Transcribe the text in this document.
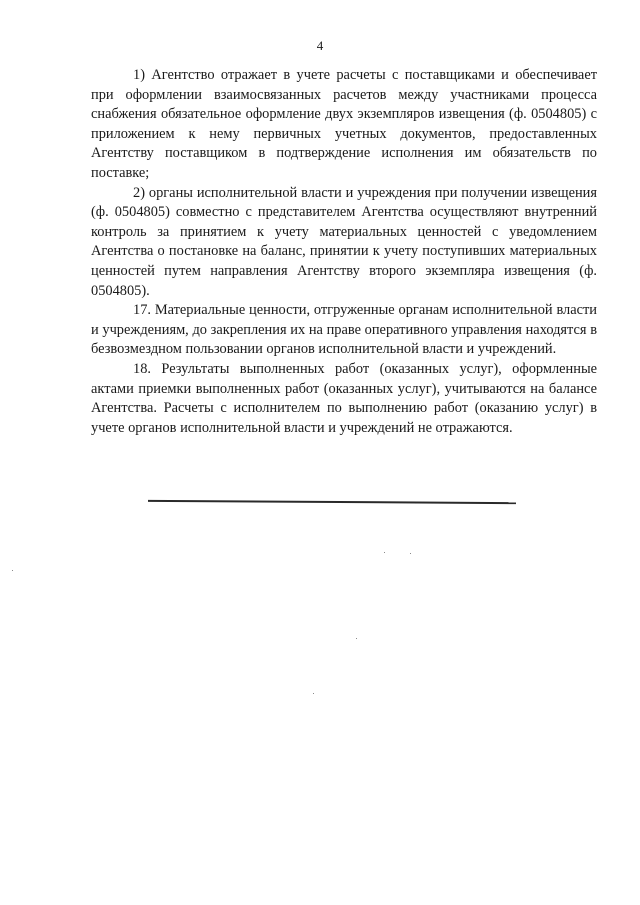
4

1) Агентство отражает в учете расчеты с поставщиками и обеспечивает при оформлении взаимосвязанных расчетов между участниками процесса снабжения обязательное оформление двух экземпляров извещения (ф. 0504805) с приложением к нему первичных учетных документов, предоставленных Агентству поставщиком в подтверждение исполнения им обязательств по поставке;

2) органы исполнительной власти и учреждения при получении извещения (ф. 0504805) совместно с представителем Агентства осуществляют внутренний контроль за принятием к учету материальных ценностей с уведомлением Агентства о постановке на баланс, принятии к учету поступивших материальных ценностей путем направления Агентству второго экземпляра извещения (ф. 0504805).

17. Материальные ценности, отгруженные органам исполнительной власти и учреждениям, до закрепления их на праве оперативного управления находятся в безвозмездном пользовании органов исполнительной власти и учреждений.

18. Результаты выполненных работ (оказанных услуг), оформленные актами приемки выполненных работ (оказанных услуг), учитываются на балансе Агентства. Расчеты с исполнителем по выполнению работ (оказанию услуг) в учете органов исполнительной власти и учреждений не отражаются.
